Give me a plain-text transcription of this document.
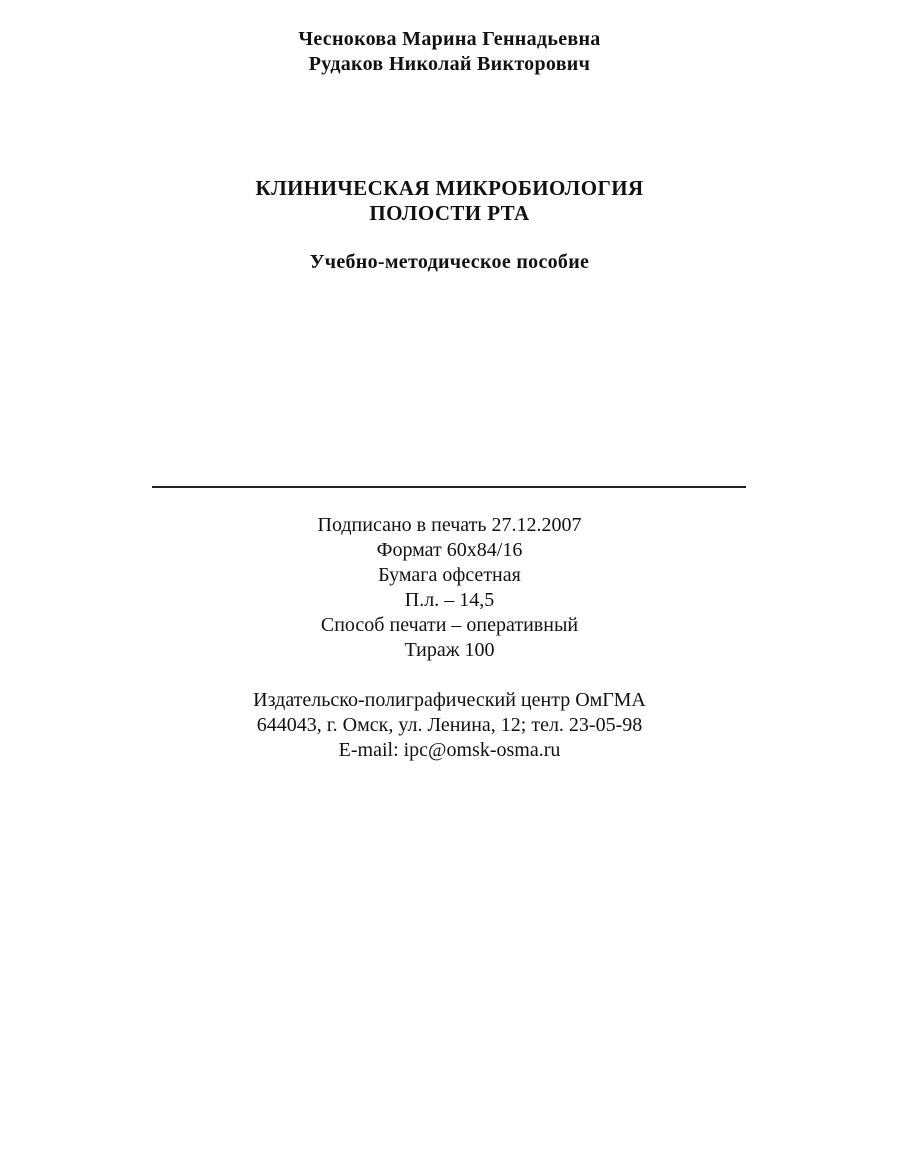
Чеснокова Марина Геннадьевна
Рудаков Николай Викторович
КЛИНИЧЕСКАЯ МИКРОБИОЛОГИЯ
ПОЛОСТИ РТА
Учебно-методическое пособие
Подписано в печать 27.12.2007
Формат 60х84/16
Бумага офсетная
П.л. – 14,5
Способ печати – оперативный
Тираж 100
Издательско-полиграфический центр ОмГМА
644043, г. Омск, ул. Ленина, 12; тел. 23-05-98
E-mail: ipc@omsk-osma.ru
